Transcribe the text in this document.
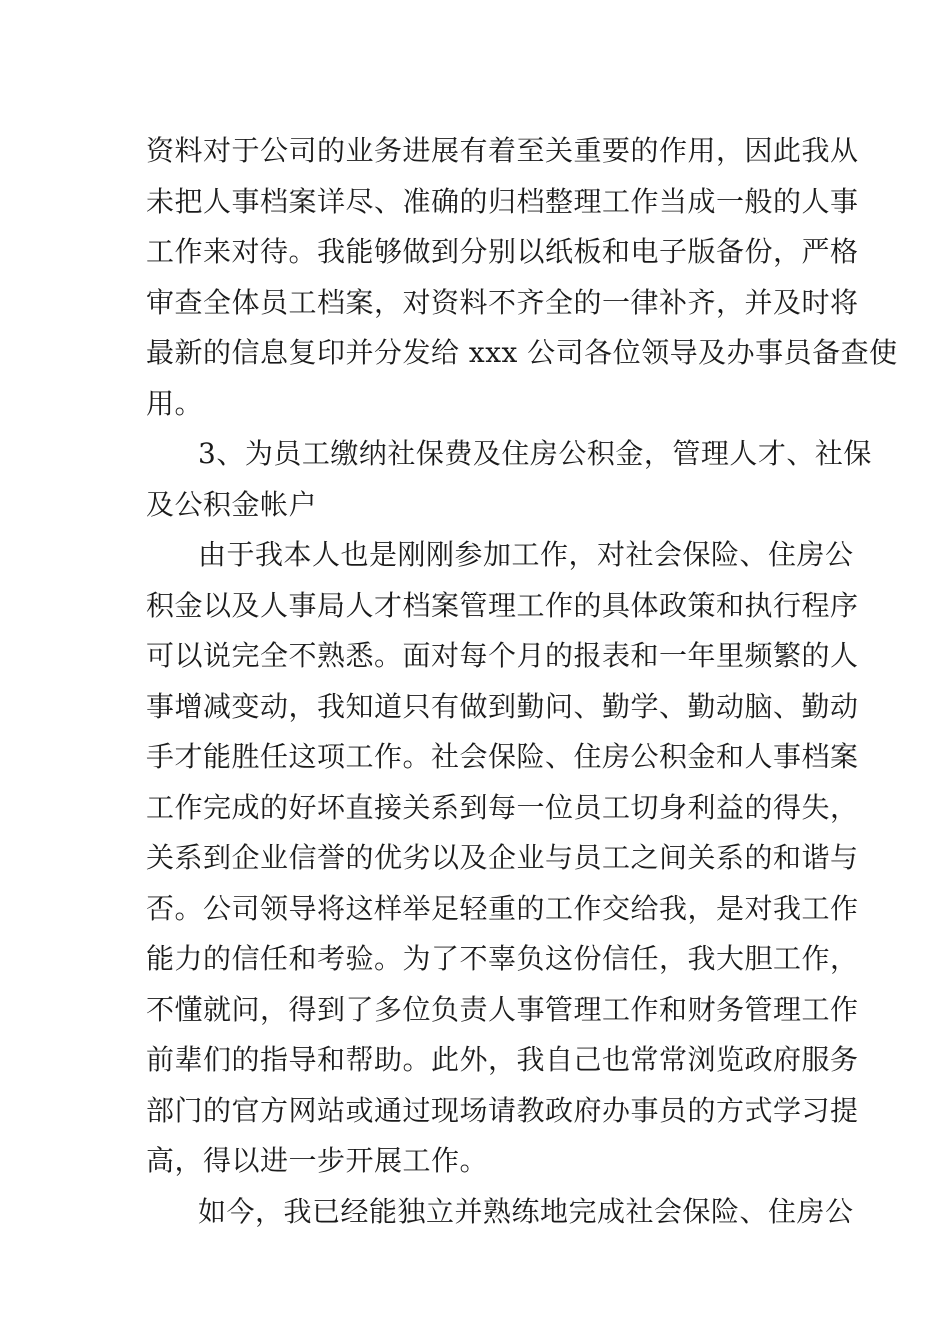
资料对于公司的业务进展有着至关重要的作用，因此我从
未把人事档案详尽、准确的归档整理工作当成一般的人事
工作来对待。我能够做到分别以纸板和电子版备份，严格
审查全体员工档案，对资料不齐全的一律补齐，并及时将
最新的信息复印并分发给 xxx 公司各位领导及办事员备查使
用。
3、为员工缴纳社保费及住房公积金，管理人才、社保
及公积金帐户
由于我本人也是刚刚参加工作，对社会保险、住房公
积金以及人事局人才档案管理工作的具体政策和执行程序
可以说完全不熟悉。面对每个月的报表和一年里频繁的人
事增减变动，我知道只有做到勤问、勤学、勤动脑、勤动
手才能胜任这项工作。社会保险、住房公积金和人事档案
工作完成的好坏直接关系到每一位员工切身利益的得失，
关系到企业信誉的优劣以及企业与员工之间关系的和谐与
否。公司领导将这样举足轻重的工作交给我，是对我工作
能力的信任和考验。为了不辜负这份信任，我大胆工作，
不懂就问，得到了多位负责人事管理工作和财务管理工作
前辈们的指导和帮助。此外，我自己也常常浏览政府服务
部门的官方网站或通过现场请教政府办事员的方式学习提
高，得以进一步开展工作。
如今，我已经能独立并熟练地完成社会保险、住房公
